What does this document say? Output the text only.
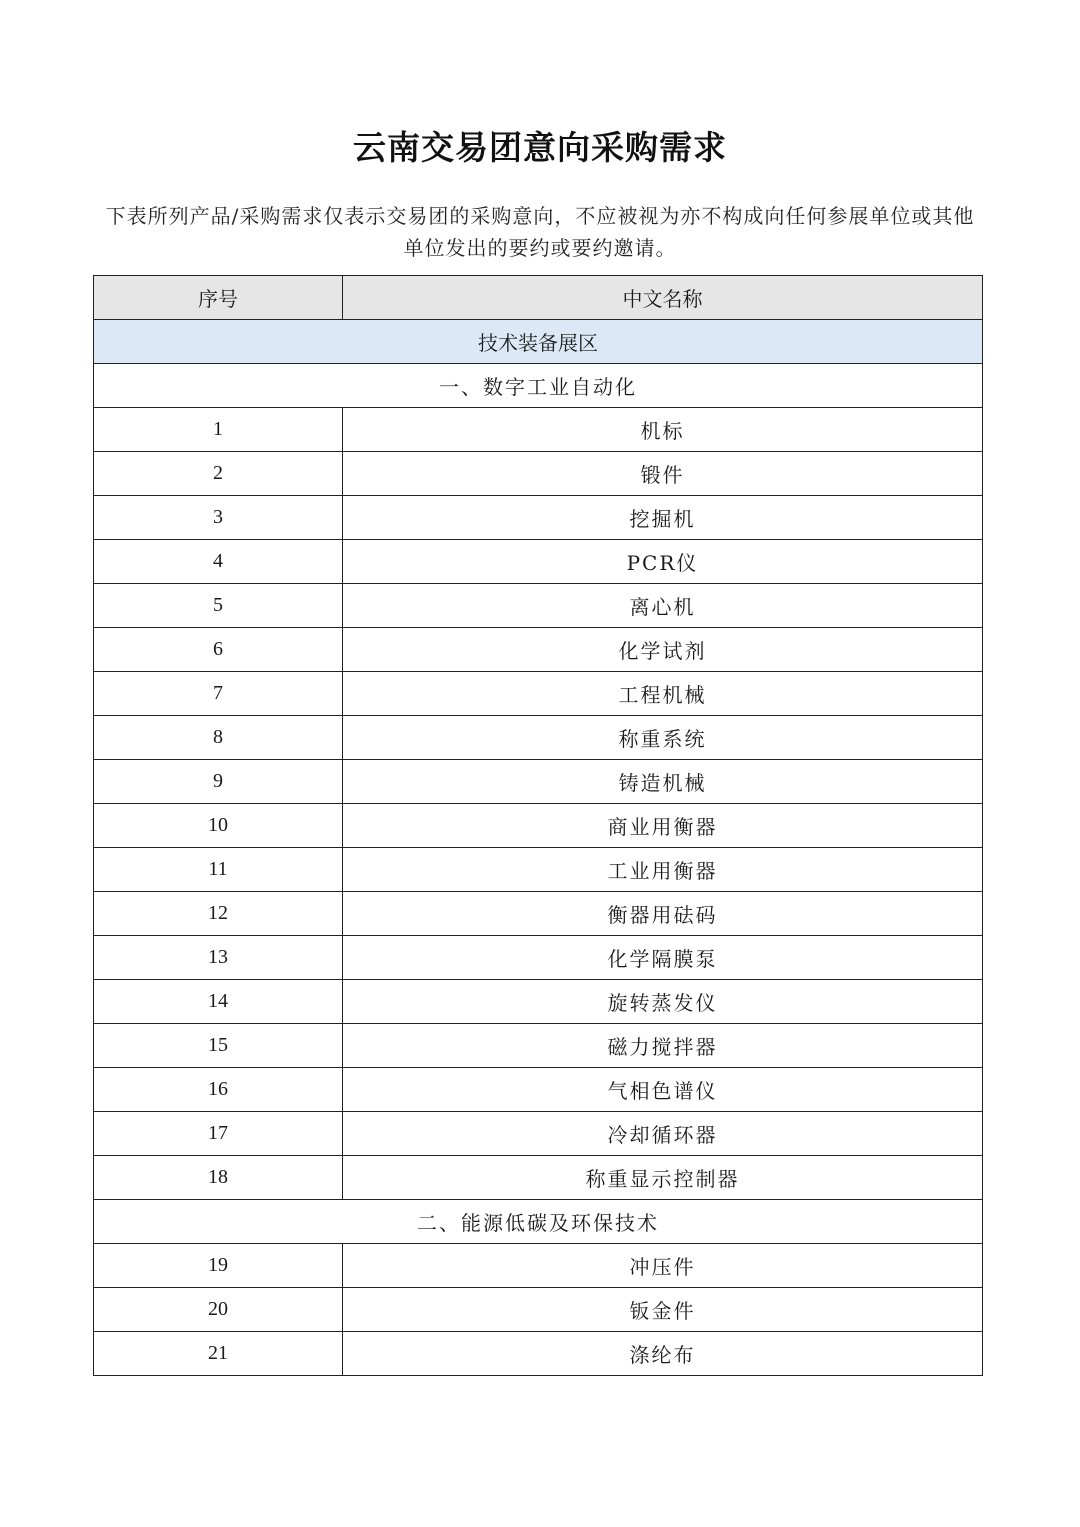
云南交易团意向采购需求
下表所列产品/采购需求仅表示交易团的采购意向，不应被视为亦不构成向任何参展单位或其他单位发出的要约或要约邀请。
序号	中文名称
技术装备展区	
一、数字工业自动化	
1	机标
2	锻件
3	挖掘机
4	PCR仪
5	离心机
6	化学试剂
7	工程机械
8	称重系统
9	铸造机械
10	商业用衡器
11	工业用衡器
12	衡器用砝码
13	化学隔膜泵
14	旋转蒸发仪
15	磁力搅拌器
16	气相色谱仪
17	冷却循环器
18	称重显示控制器
二、能源低碳及环保技术	
19	冲压件
20	钣金件
21	涤纶布
